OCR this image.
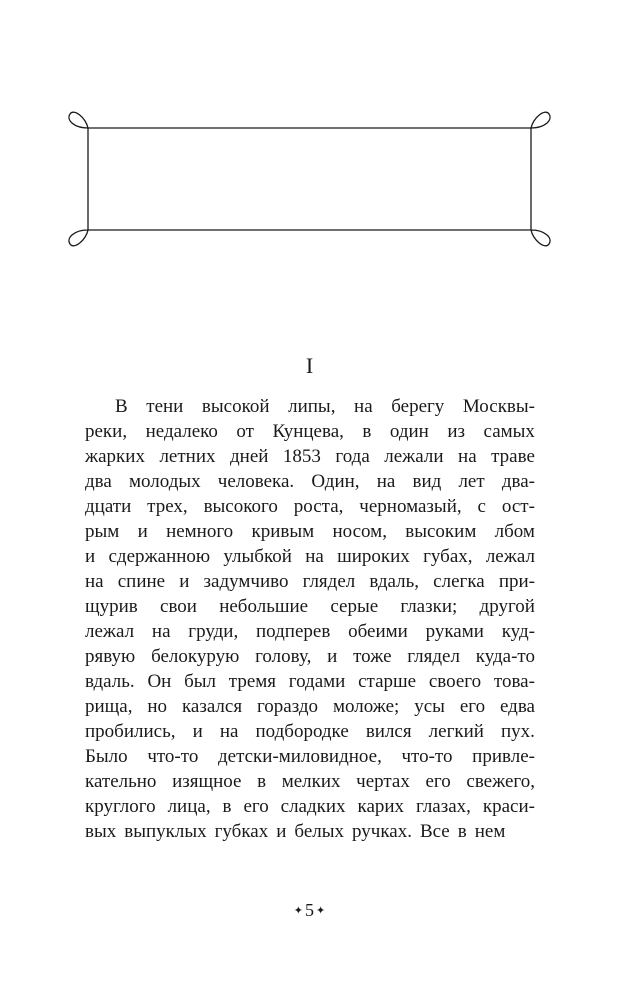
I
В тени высокой липы, на берегу Москвы-
реки, недалеко от Кунцева, в один из самых
жарких летних дней 1853 года лежали на траве
два молодых человека. Один, на вид лет два-
дцати трех, высокого роста, черномазый, с ост-
рым и немного кривым носом, высоким лбом
и сдержанною улыбкой на широких губах, лежал
на спине и задумчиво глядел вдаль, слегка при-
щурив свои небольшие серые глазки; другой
лежал на груди, подперев обеими руками куд-
рявую белокурую голову, и тоже глядел куда-то
вдаль. Он был тремя годами старше своего това-
рища, но казался гораздо моложе; усы его едва
пробились, и на подбородке вился легкий пух.
Было что-то детски-миловидное, что-то привле-
кательно изящное в мелких чертах его свежего,
круглого лица, в его сладких карих глазах, краси-
вых выпуклых губках и белых ручках. Все в нем
✦ 5 ✦
